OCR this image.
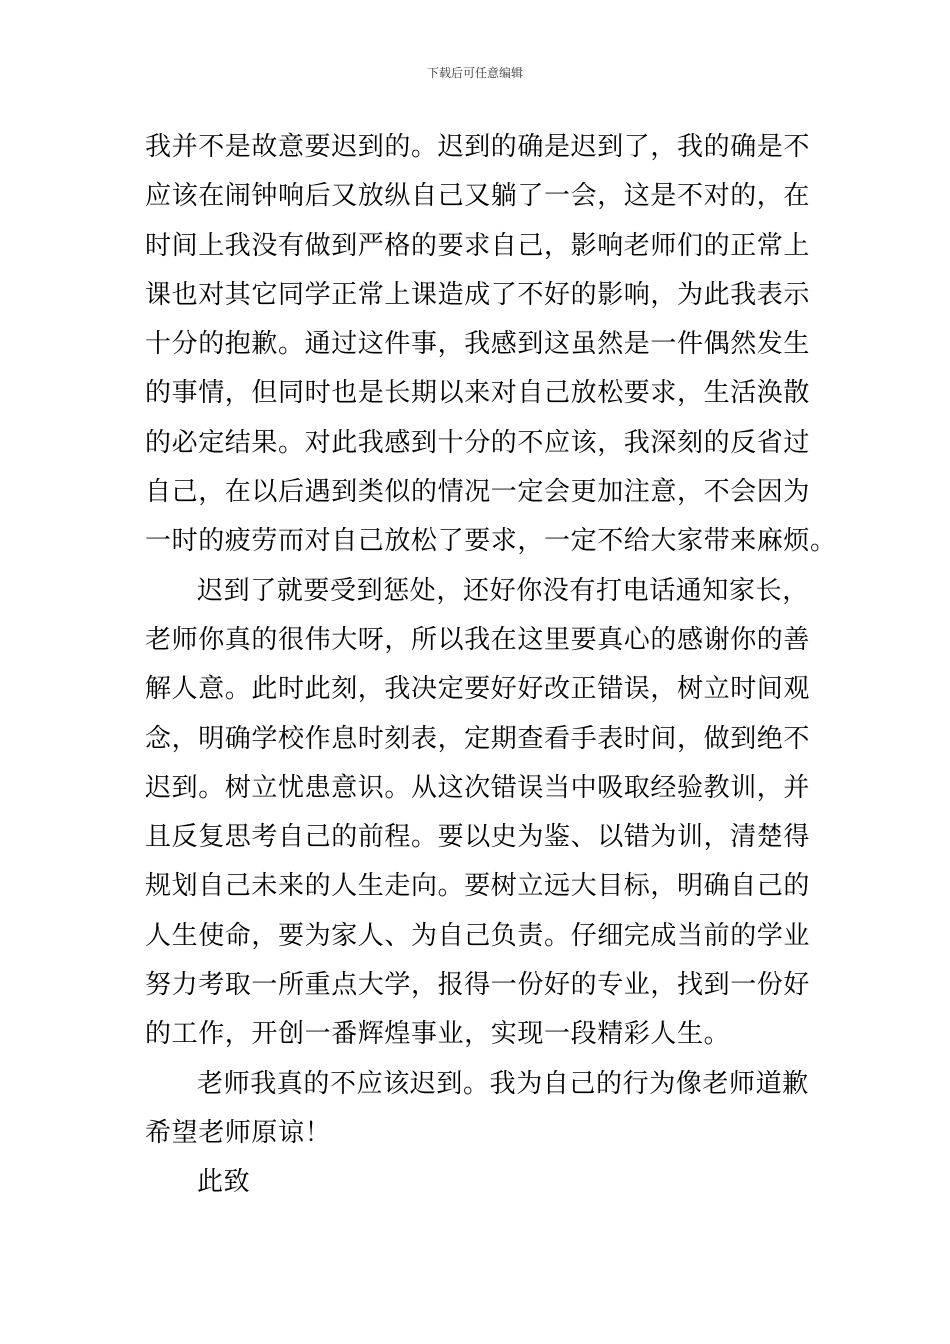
下载后可任意编辑
我并不是故意要迟到的。迟到的确是迟到了，我的确是不
应该在闹钟响后又放纵自己又躺了一会，这是不对的，在
时间上我没有做到严格的要求自己，影响老师们的正常上
课也对其它同学正常上课造成了不好的影响，为此我表示
十分的抱歉。通过这件事，我感到这虽然是一件偶然发生
的事情，但同时也是长期以来对自己放松要求，生活涣散
的必定结果。对此我感到十分的不应该，我深刻的反省过
自己，在以后遇到类似的情况一定会更加注意，不会因为
一时的疲劳而对自己放松了要求，一定不给大家带来麻烦。
迟到了就要受到惩处，还好你没有打电话通知家长，
老师你真的很伟大呀，所以我在这里要真心的感谢你的善
解人意。此时此刻，我决定要好好改正错误，树立时间观
念，明确学校作息时刻表，定期查看手表时间，做到绝不
迟到。树立忧患意识。从这次错误当中吸取经验教训，并
且反复思考自己的前程。要以史为鉴、以错为训，清楚得
规划自己未来的人生走向。要树立远大目标，明确自己的
人生使命，要为家人、为自己负责。仔细完成当前的学业
努力考取一所重点大学，报得一份好的专业，找到一份好
的工作，开创一番辉煌事业，实现一段精彩人生。
老师我真的不应该迟到。我为自己的行为像老师道歉
希望老师原谅！
此致
